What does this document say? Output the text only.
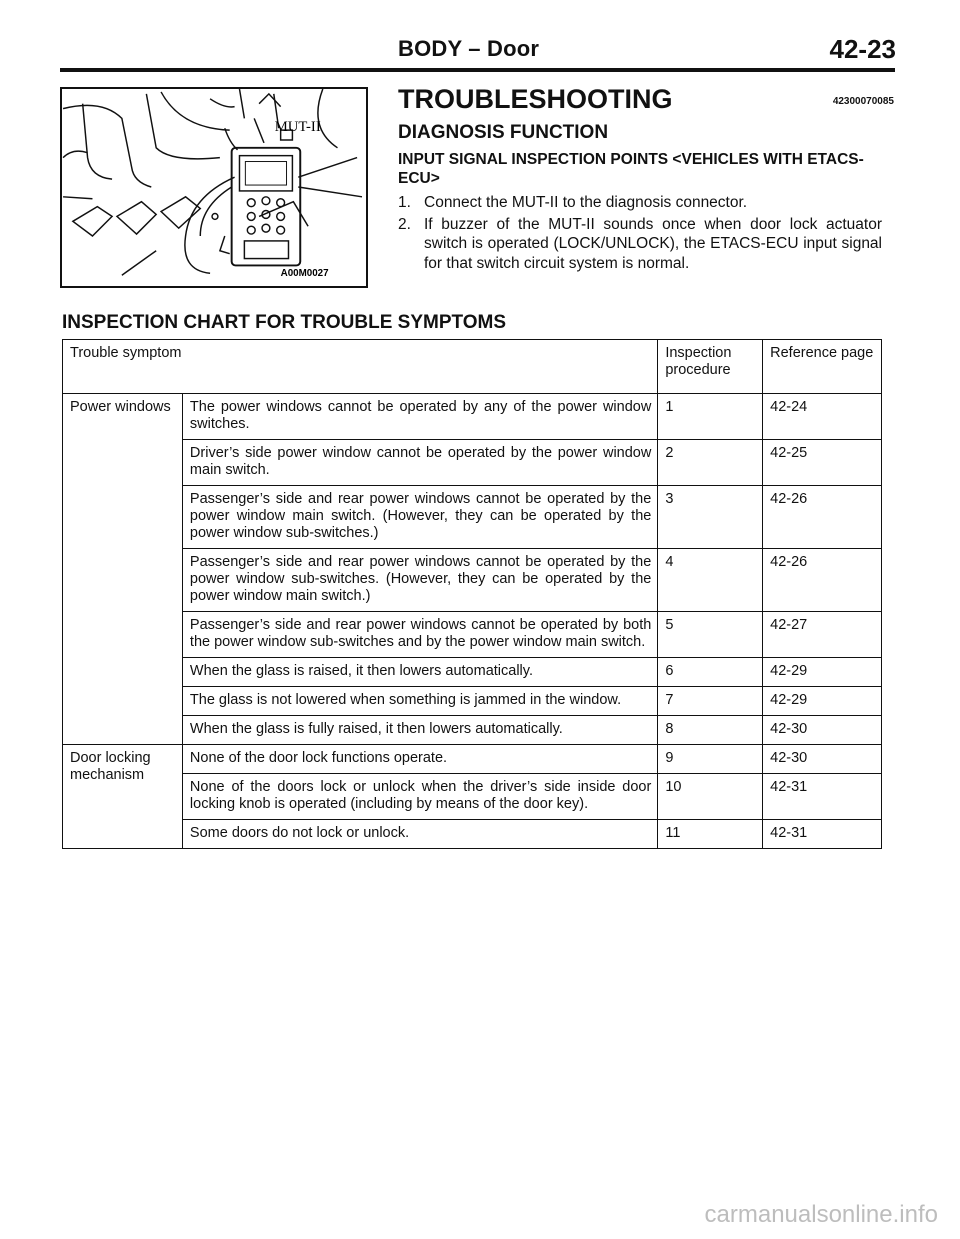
BODY – Door	42-23
MUT-II
A00M0027
TROUBLESHOOTING	42300070085
DIAGNOSIS FUNCTION
INPUT SIGNAL INSPECTION POINTS <VEHICLES WITH ETACS-ECU>
1. Connect the MUT-II to the diagnosis connector.
2. If buzzer of the MUT-II sounds once when door lock actuator switch is operated (LOCK/UNLOCK), the ETACS-ECU input signal for that switch circuit system is normal.
INSPECTION CHART FOR TROUBLE SYMPTOMS
Trouble symptom		Inspection procedure	Reference page
Power windows	The power windows cannot be operated by any of the power window switches.	1	42-24
	Driver’s side power window cannot be operated by the power window main switch.	2	42-25
	Passenger’s side and rear power windows cannot be operated by the power window main switch. (However, they can be operated by the power window sub-switches.)	3	42-26
	Passenger’s side and rear power windows cannot be operated by the power window sub-switches. (However, they can be operated by the power window main switch.)	4	42-26
	Passenger’s side and rear power windows cannot be operated by both the power window sub-switches and by the power window main switch.	5	42-27
	When the glass is raised, it then lowers automatically.	6	42-29
	The glass is not lowered when something is jammed in the window.	7	42-29
	When the glass is fully raised, it then lowers automatically.	8	42-30
Door locking mechanism	None of the door lock functions operate.	9	42-30
	None of the doors lock or unlock when the driver’s side inside door locking knob is operated (including by means of the door key).	10	42-31
	Some doors do not lock or unlock.	11	42-31
carmanualsonline.info
